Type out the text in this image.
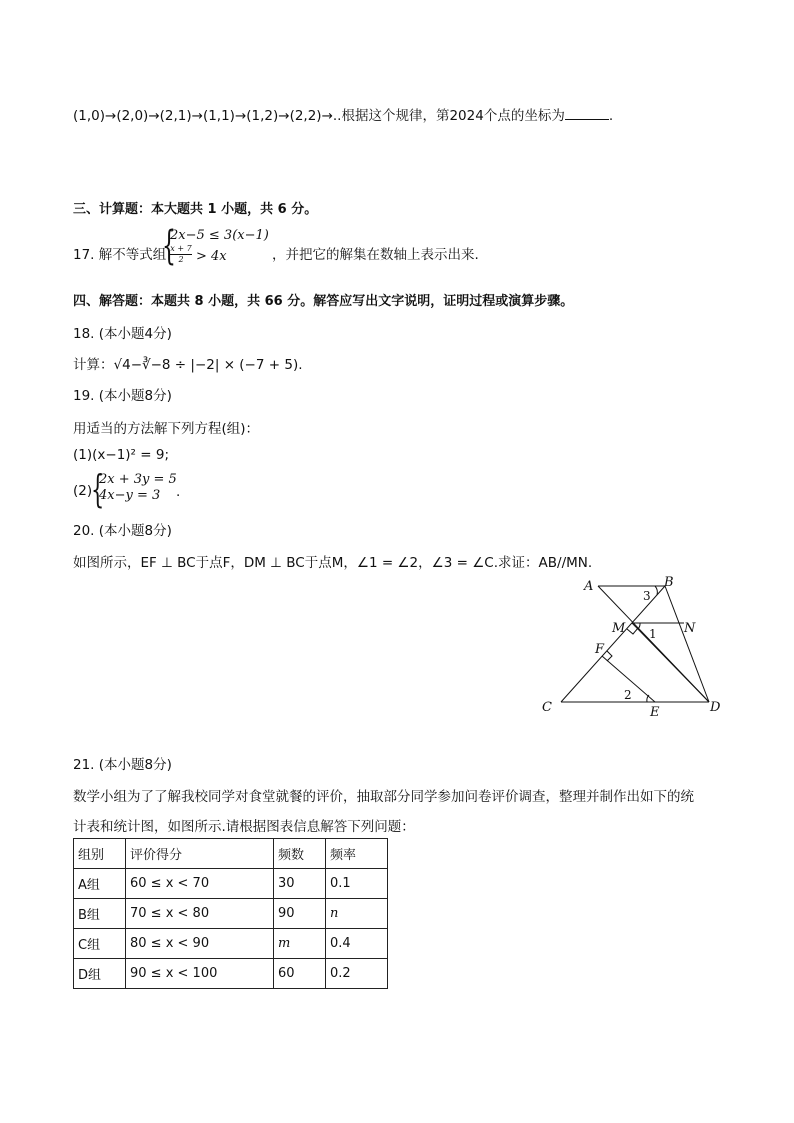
(1,0)→(2,0)→(2,1)→(1,1)→(1,2)→(2,2)→..根据这个规律，第2024个点的坐标为	.
三、计算题：本大题共 1 小题，共 6 分。
17. 解不等式组
{
2x−5 ≤ 3(x−1)
$\frac{x + 7}{2} > 4x$	，并把它的解集在数轴上表示出来.
四、解答题：本题共 8 小题，共 66 分。解答应写出文字说明，证明过程或演算步骤。
18. (本小题4分)
计算：√4−∛−8 ÷ |−2| × (−7 + 5).
19. (本小题8分)
用适当的方法解下列方程(组)：
(1)(x−1)² = 9;
(2)
{
2x + 3y = 5
4x−y = 3 .
20. (本小题8分)
如图所示，EF ⊥ BC于点F，DM ⊥ BC于点M，∠1 = ∠2，∠3 = ∠C.求证：AB//MN.
A	B
M	N
F
C	E	D
1
2
3
21. (本小题8分)
数学小组为了了解我校同学对食堂就餐的评价，抽取部分同学参加问卷评价调查，整理并制作出如下的统
计表和统计图，如图所示.请根据图表信息解答下列问题：
组别	评价得分	频数	频率
A组	60 ≤ x < 70	30	0.1
B组	70 ≤ x < 80	90	n
C组	80 ≤ x < 90	m	0.4
D组	90 ≤ x < 100	60	0.2
